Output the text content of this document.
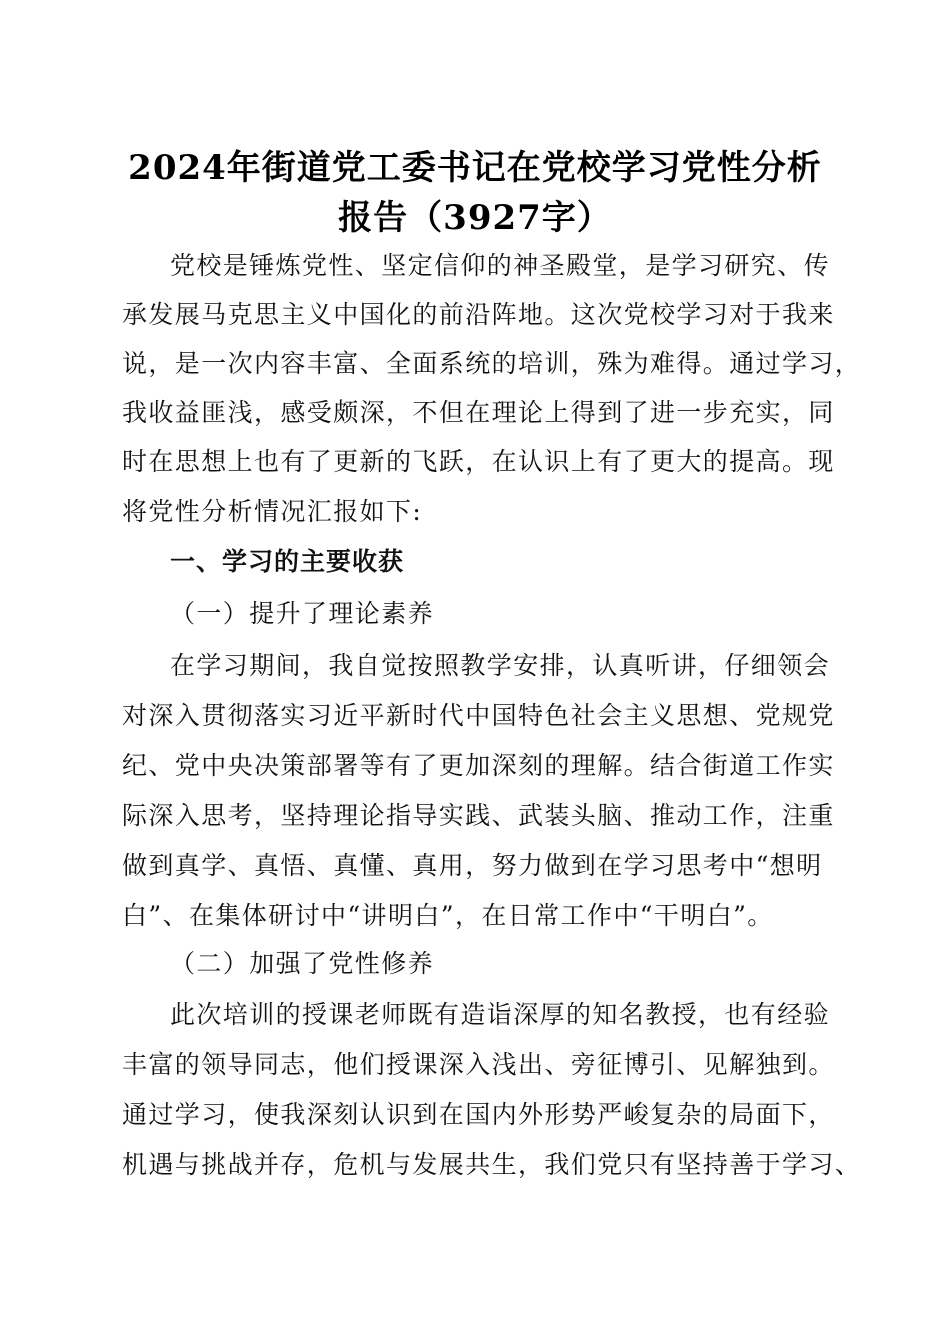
2024年街道党工委书记在党校学习党性分析
报告（3927字）
党校是锤炼党性、坚定信仰的神圣殿堂，是学习研究、传
承发展马克思主义中国化的前沿阵地。这次党校学习对于我来
说，是一次内容丰富、全面系统的培训，殊为难得。通过学习，
我收益匪浅，感受颇深，不但在理论上得到了进一步充实，同
时在思想上也有了更新的飞跃，在认识上有了更大的提高。现
将党性分析情况汇报如下:
一、学习的主要收获
（一）提升了理论素养
在学习期间，我自觉按照教学安排，认真听讲，仔细领会
对深入贯彻落实习近平新时代中国特色社会主义思想、党规党
纪、党中央决策部署等有了更加深刻的理解。结合街道工作实
际深入思考，坚持理论指导实践、武装头脑、推动工作，注重
做到真学、真悟、真懂、真用，努力做到在学习思考中“想明
白”、在集体研讨中“讲明白”，在日常工作中“干明白”。
（二）加强了党性修养
此次培训的授课老师既有造诣深厚的知名教授，也有经验
丰富的领导同志，他们授课深入浅出、旁征博引、见解独到。
通过学习，使我深刻认识到在国内外形势严峻复杂的局面下，
机遇与挑战并存，危机与发展共生，我们党只有坚持善于学习、
